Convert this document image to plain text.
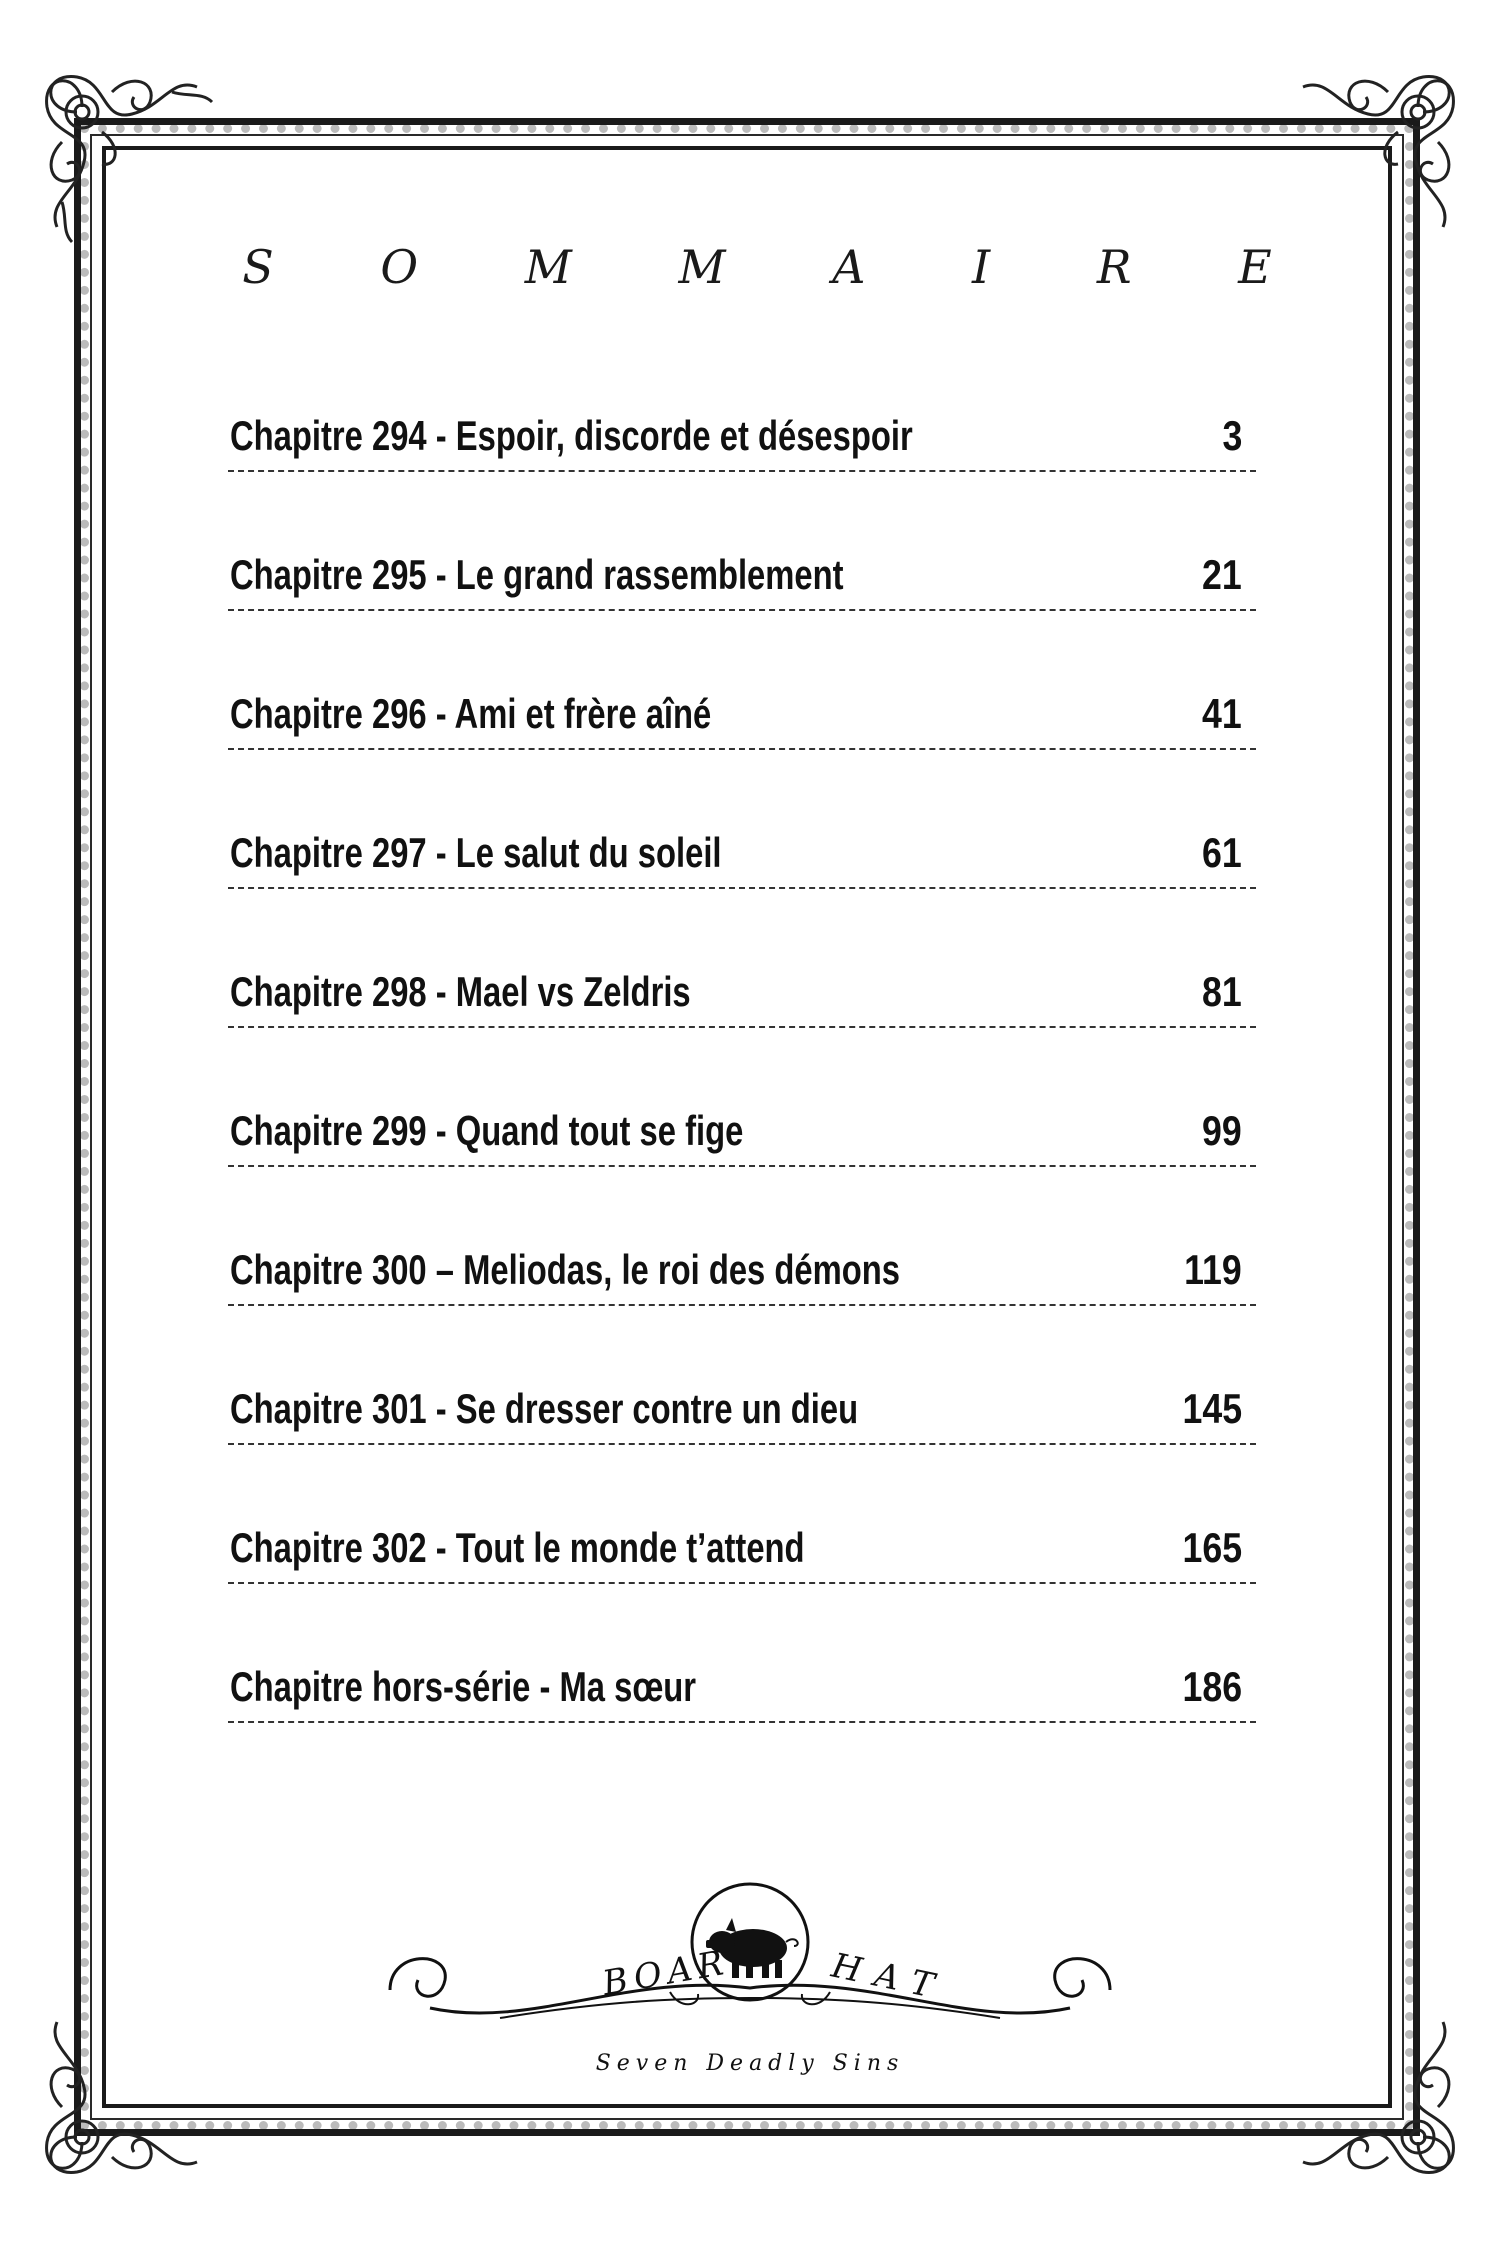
S O M M A I R E
Chapitre 294 - Espoir, discorde et désespoir	3
Chapitre 295 - Le grand rassemblement	21
Chapitre 296 - Ami et frère aîné	41
Chapitre 297 - Le salut du soleil	61
Chapitre 298 - Mael vs Zeldris	81
Chapitre 299 - Quand tout se fige	99
Chapitre 300 – Meliodas, le roi des démons	119
Chapitre 301 - Se dresser contre un dieu	145
Chapitre 302 - Tout le monde t’attend	165
Chapitre hors-série - Ma sœur	186
BOAR	HAT
Seven Deadly Sins
